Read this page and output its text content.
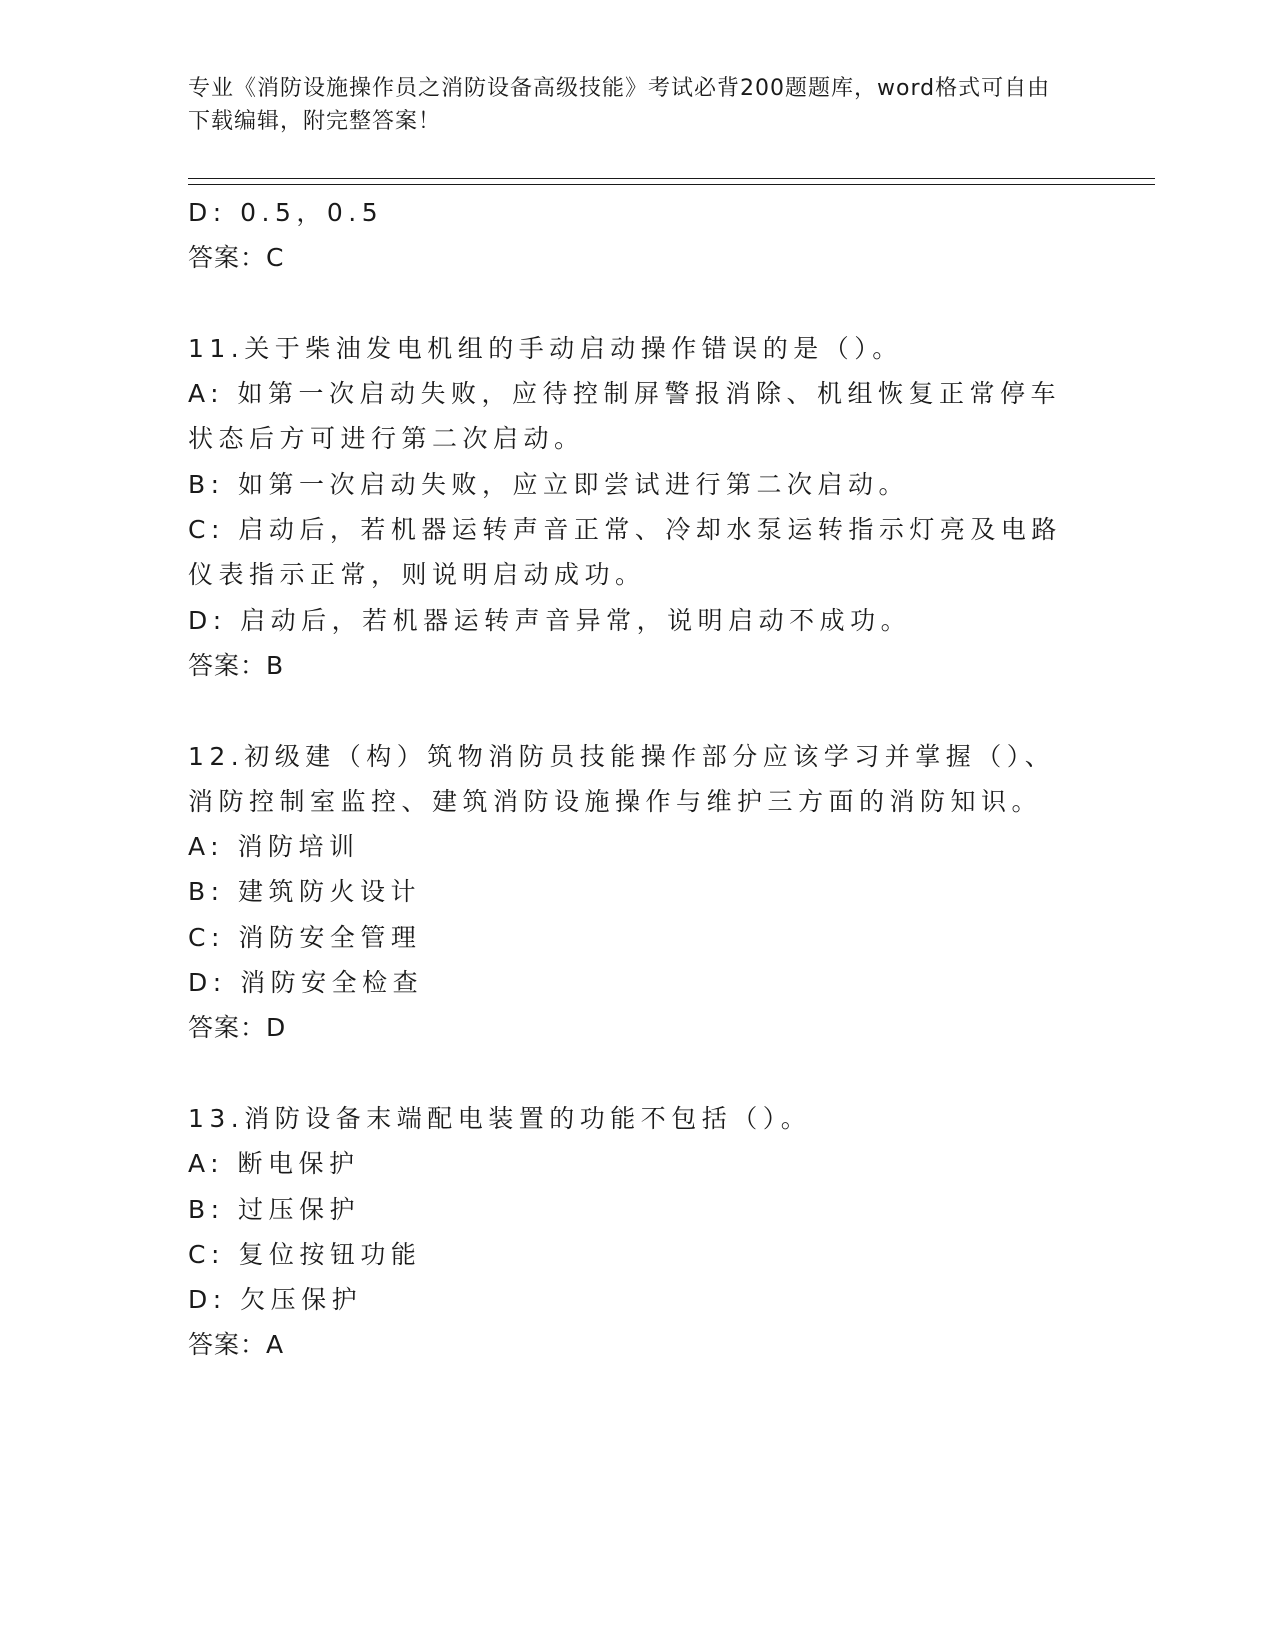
专业《消防设施操作员之消防设备高级技能》考试必背200题题库，word格式可自由下载编辑，附完整答案！
D: 0.5，0.5
答案：C
11.关于柴油发电机组的手动启动操作错误的是（）。
A: 如第一次启动失败，应待控制屏警报消除、机组恢复正常停车状态后方可进行第二次启动。
B: 如第一次启动失败，应立即尝试进行第二次启动。
C: 启动后，若机器运转声音正常、冷却水泵运转指示灯亮及电路仪表指示正常，则说明启动成功。
D: 启动后，若机器运转声音异常，说明启动不成功。
答案：B
12.初级建（构）筑物消防员技能操作部分应该学习并掌握（）、消防控制室监控、建筑消防设施操作与维护三方面的消防知识。
A: 消防培训
B: 建筑防火设计
C: 消防安全管理
D: 消防安全检查
答案：D
13.消防设备末端配电装置的功能不包括（）。
A: 断电保护
B: 过压保护
C: 复位按钮功能
D: 欠压保护
答案：A
